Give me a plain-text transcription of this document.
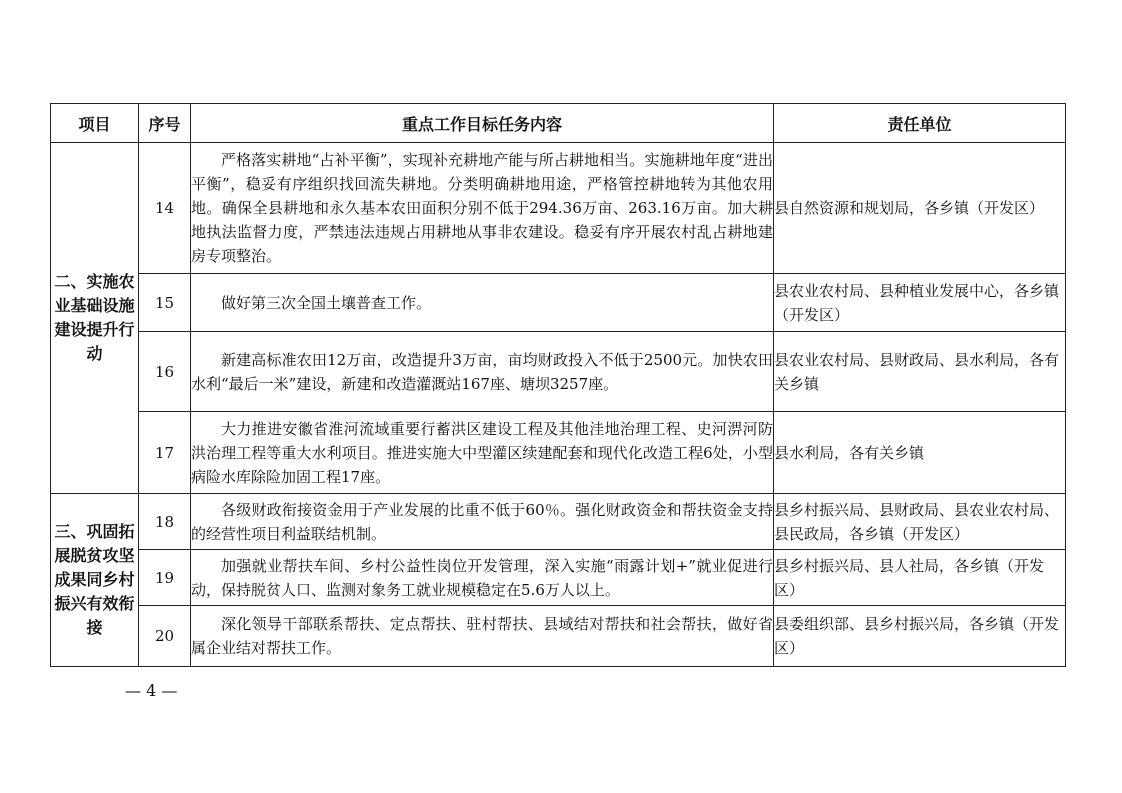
项目	序号	重点工作目标任务内容	责任单位
二、实施农业基础设施建设提升行动	14	严格落实耕地“占补平衡”，实现补充耕地产能与所占耕地相当。实施耕地年度“进出平衡”，稳妥有序组织找回流失耕地。分类明确耕地用途，严格管控耕地转为其他农用地。确保全县耕地和永久基本农田面积分别不低于294.36万亩、263.16万亩。加大耕地执法监督力度，严禁违法违规占用耕地从事非农建设。稳妥有序开展农村乱占耕地建房专项整治。	县自然资源和规划局，各乡镇（开发区）
	15	做好第三次全国土壤普查工作。	县农业农村局、县种植业发展中心，各乡镇（开发区）
	16	新建高标准农田12万亩，改造提升3万亩，亩均财政投入不低于2500元。加快农田水利“最后一米”建设，新建和改造灌溉站167座、塘坝3257座。	县农业农村局、县财政局、县水利局，各有关乡镇
	17	大力推进安徽省淮河流域重要行蓄洪区建设工程及其他洼地治理工程、史河淠河防洪治理工程等重大水利项目。推进实施大中型灌区续建配套和现代化改造工程6处，小型病险水库除险加固工程17座。	县水利局，各有关乡镇
三、巩固拓展脱贫攻坚成果同乡村振兴有效衔接	18	各级财政衔接资金用于产业发展的比重不低于60％。强化财政资金和帮扶资金支持的经营性项目利益联结机制。	县乡村振兴局、县财政局、县农业农村局、县民政局，各乡镇（开发区）
	19	加强就业帮扶车间、乡村公益性岗位开发管理，深入实施“雨露计划+”就业促进行动，保持脱贫人口、监测对象务工就业规模稳定在5.6万人以上。	县乡村振兴局、县人社局，各乡镇（开发区）
	20	深化领导干部联系帮扶、定点帮扶、驻村帮扶、县域结对帮扶和社会帮扶，做好省属企业结对帮扶工作。	县委组织部、县乡村振兴局，各乡镇（开发区）
— 4 —
